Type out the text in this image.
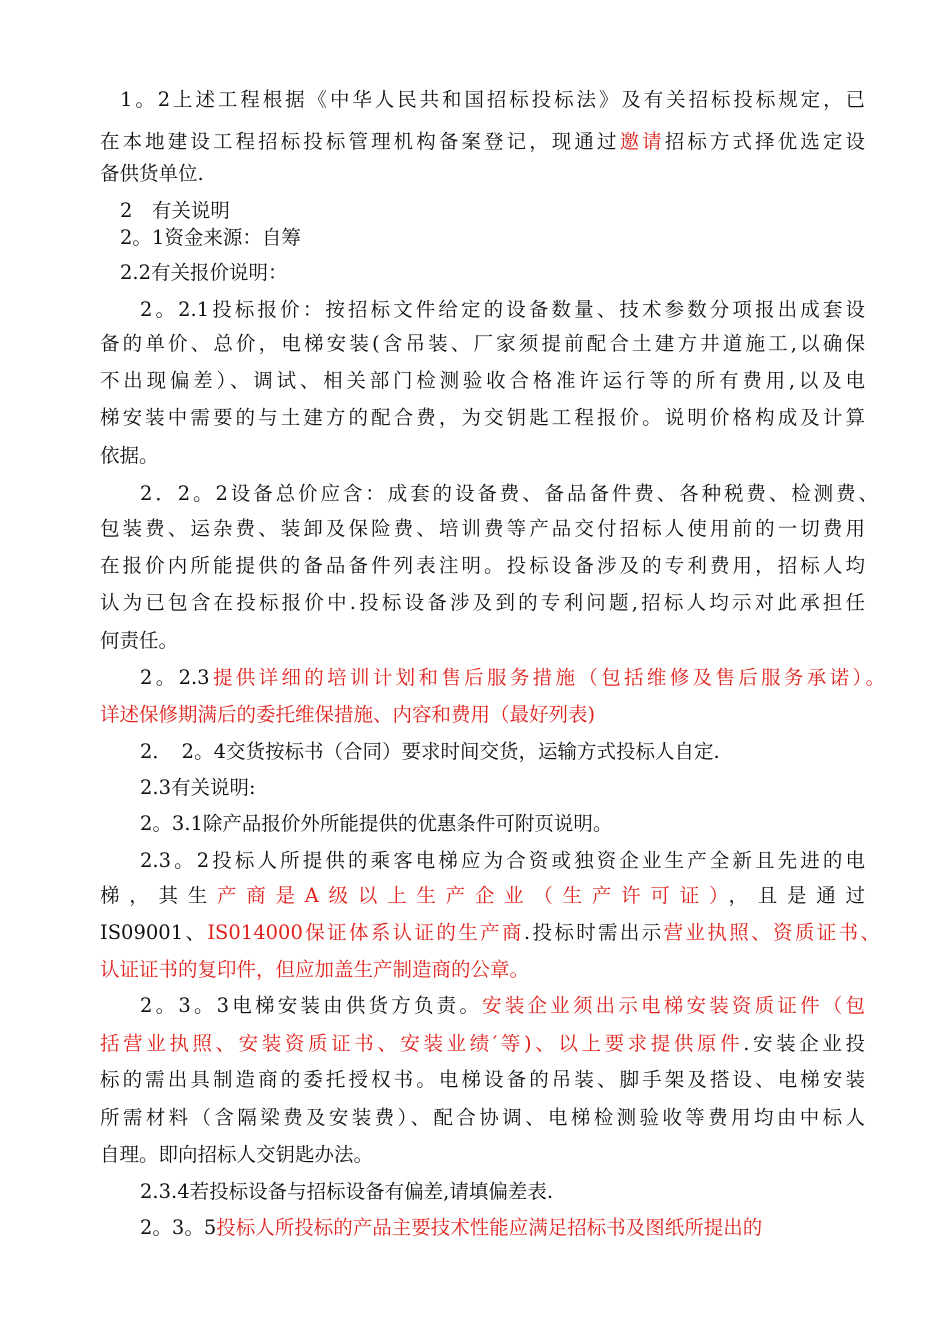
1。2上述工程根据《中华人民共和国招标投标法》及有关招标投标规定，已
在本地建设工程招标投标管理机构备案登记，现通过邀请招标方式择优选定设
备供货单位.
2　有关说明
2。1资金来源：自筹
2.2有关报价说明：
2。2.1投标报价：按招标文件给定的设备数量、技术参数分项报出成套设
备的单价、总价，电梯安装(含吊装、厂家须提前配合土建方井道施工,以确保
不出现偏差）、调试、相关部门检测验收合格准许运行等的所有费用,以及电
梯安装中需要的与土建方的配合费，为交钥匙工程报价。说明价格构成及计算
依据。
2．2。2设备总价应含：成套的设备费、备品备件费、各种税费、检测费、
包装费、运杂费、装卸及保险费、培训费等产品交付招标人使用前的一切费用
在报价内所能提供的备品备件列表注明。投标设备涉及的专利费用，招标人均
认为已包含在投标报价中.投标设备涉及到的专利问题,招标人均示对此承担任
何责任。
2。2.3提供详细的培训计划和售后服务措施（包括维修及售后服务承诺）。
详述保修期满后的委托维保措施、内容和费用（最好列表)
2．　2。4交货按标书（合同）要求时间交货，运输方式投标人自定.
2.3有关说明:
2。3.1除产品报价外所能提供的优惠条件可附页说明。
2.3。2投标人所提供的乘客电梯应为合资或独资企业生产全新且先进的电
梯，其生产商是A级以上生产企业（生产许可证），且是通过
IS09001、IS014000保证体系认证的生产商.投标时需出示营业执照、资质证书、
认证证书的复印件，但应加盖生产制造商的公章。
2。3。3电梯安装由供货方负责。安装企业须出示电梯安装资质证件（包
括营业执照、安装资质证书、安装业绩′等)、以上要求提供原件.安装企业投
标的需出具制造商的委托授权书。电梯设备的吊装、脚手架及搭设、电梯安装
所需材料（含隔梁费及安装费）、配合协调、电梯检测验收等费用均由中标人
自理。即向招标人交钥匙办法。
2.3.4若投标设备与招标设备有偏差,请填偏差表.
2。3。5投标人所投标的产品主要技术性能应满足招标书及图纸所提出的
